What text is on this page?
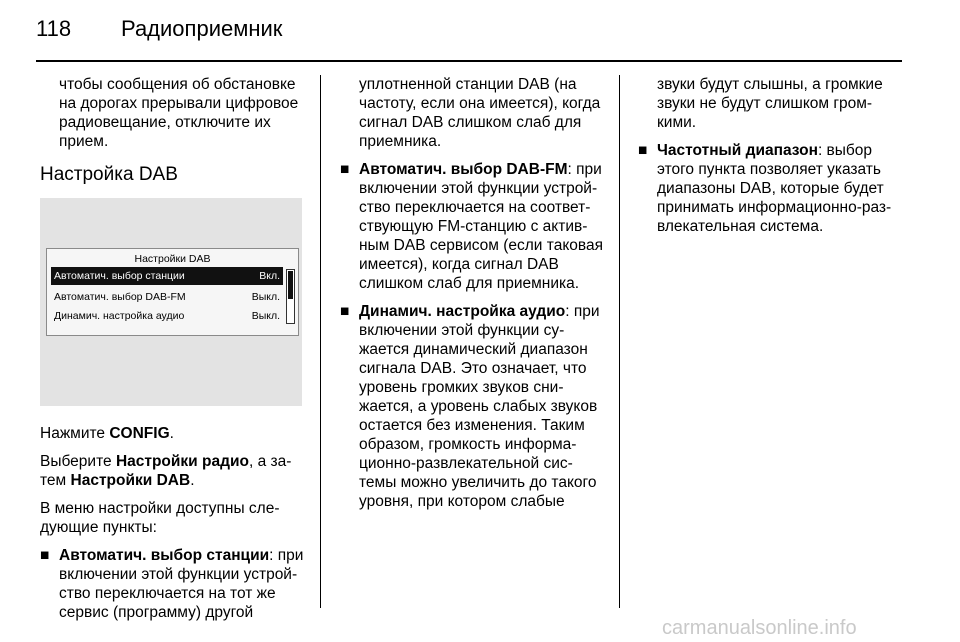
118 Радиоприемник

чтобы сообщения об обстановке на дорогах прерывали цифровое радиовещание, отключите их прием.

Настройка DAB
Настройки DAB
Автоматич. выбор станции	Вкл.
Автоматич. выбор DAB-FM	Выкл.
Динамич. настройка аудио	Выкл.

Нажмите CONFIG.

Выберите Настройки радио, а за-тем Настройки DAB.

В меню настройки доступны сле-дующие пункты:

■ Автоматич. выбор станции: при включении этой функции устрой-ство переключается на тот же сервис (программу) другой

уплотненной станции DAB (на частоту, если она имеется), когда сигнал DAB слишком слаб для приемника.

■ Автоматич. выбор DAB-FM: при включении этой функции устрой-ство переключается на соответ-ствующую FM-станцию с актив-ным DAB сервисом (если таковая имеется), когда сигнал DAB слишком слаб для приемника.
■ Динамич. настройка аудио: при включении этой функции су-жается динамический диапазон сигнала DAB. Это означает, что уровень громких звуков сни-жается, а уровень слабых звуков остается без изменения. Таким образом, громкость информа-ционно-развлекательной сис-темы можно увеличить до такого уровня, при котором слабые

звуки будут слышны, а громкие звуки не будут слишком гром-кими.

■ Частотный диапазон: выбор этого пункта позволяет указать диапазоны DAB, которые будет принимать информационно-раз-влекательная система.
carmanualsonline.info
